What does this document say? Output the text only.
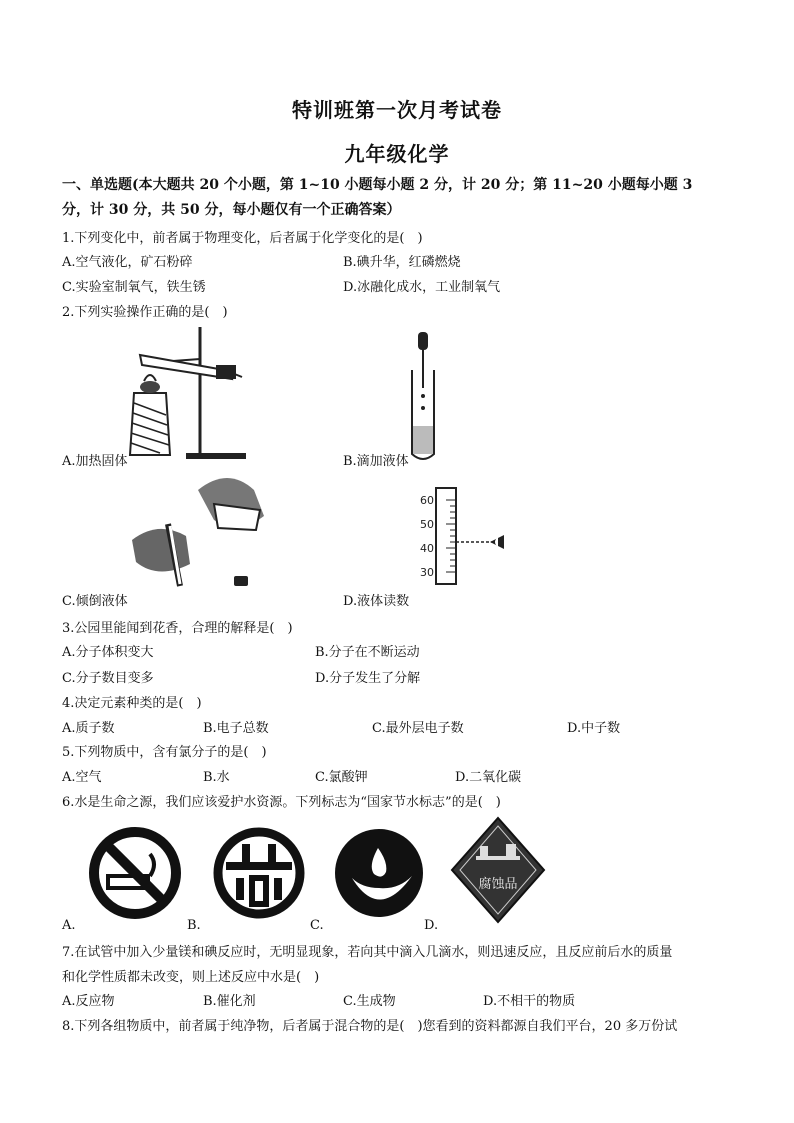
特训班第一次月考试卷
九年级化学
一、单选题(本大题共 20 个小题，第 1~10 小题每小题 2 分，计 20 分；第 11~20 小题每小题 3
分，计 30 分，共 50 分，每小题仅有一个正确答案）
1.下列变化中，前者属于物理变化，后者属于化学变化的是(　)
A.空气液化，矿石粉碎	B.碘升华，红磷燃烧
C.实验室制氧气，铁生锈	D.冰融化成水，工业制氧气
2.下列实验操作正确的是(　)
A.加热固体	B.滴加液体
C.倾倒液体
60
50
40
30
D.液体读数
3.公园里能闻到花香，合理的解释是(　)
A.分子体积变大	B.分子在不断运动
C.分子数目变多	D.分子发生了分解
4.决定元素种类的是(　)
A.质子数	B.电子总数	C.最外层电子数	D.中子数
5.下列物质中，含有氯分子的是(　)
A.空气	B.水	C.氯酸钾	D.二氧化碳
6.水是生命之源，我们应该爱护水资源。下列标志为“国家节水标志”的是(　)
A.	B.	C.
腐蚀品
D.
7.在试管中加入少量镁和碘反应时，无明显现象，若向其中滴入几滴水，则迅速反应，且反应前后水的质量
和化学性质都未改变，则上述反应中水是(　)
A.反应物	B.催化剂	C.生成物	D.不相干的物质
8.下列各组物质中，前者属于纯净物，后者属于混合物的是(　)您看到的资料都源自我们平台，20 多万份试
